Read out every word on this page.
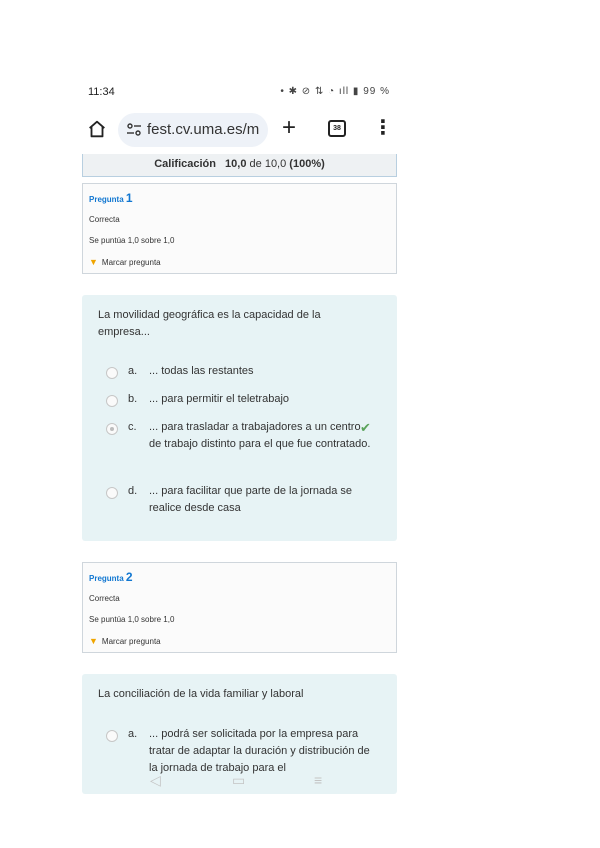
11:34	• ✱ ⊘ ⇅ ◔ ıll ▮ 99 %
fest.cv.uma.es/m +	38 ⋮
Calificación 10,0 de 10,0 (100%)
Pregunta 1
Correcta
Se puntúa 1,0 sobre 1,0
▼ Marcar pregunta
La movilidad geográfica es la capacidad de la empresa...
a. ... todas las restantes
b. ... para permitir el teletrabajo
c. ... para trasladar a trabajadores a un centro de trabajo distinto para el que fue contratado.
✔
d. ... para facilitar que parte de la jornada se realice desde casa
Pregunta 2
Correcta
Se puntúa 1,0 sobre 1,0
▼ Marcar pregunta
La conciliación de la vida familiar y laboral
a. ... podrá ser solicitada por la empresa para tratar de adaptar la duración y distribución de la jornada de trabajo para el
◁	▭	≡
